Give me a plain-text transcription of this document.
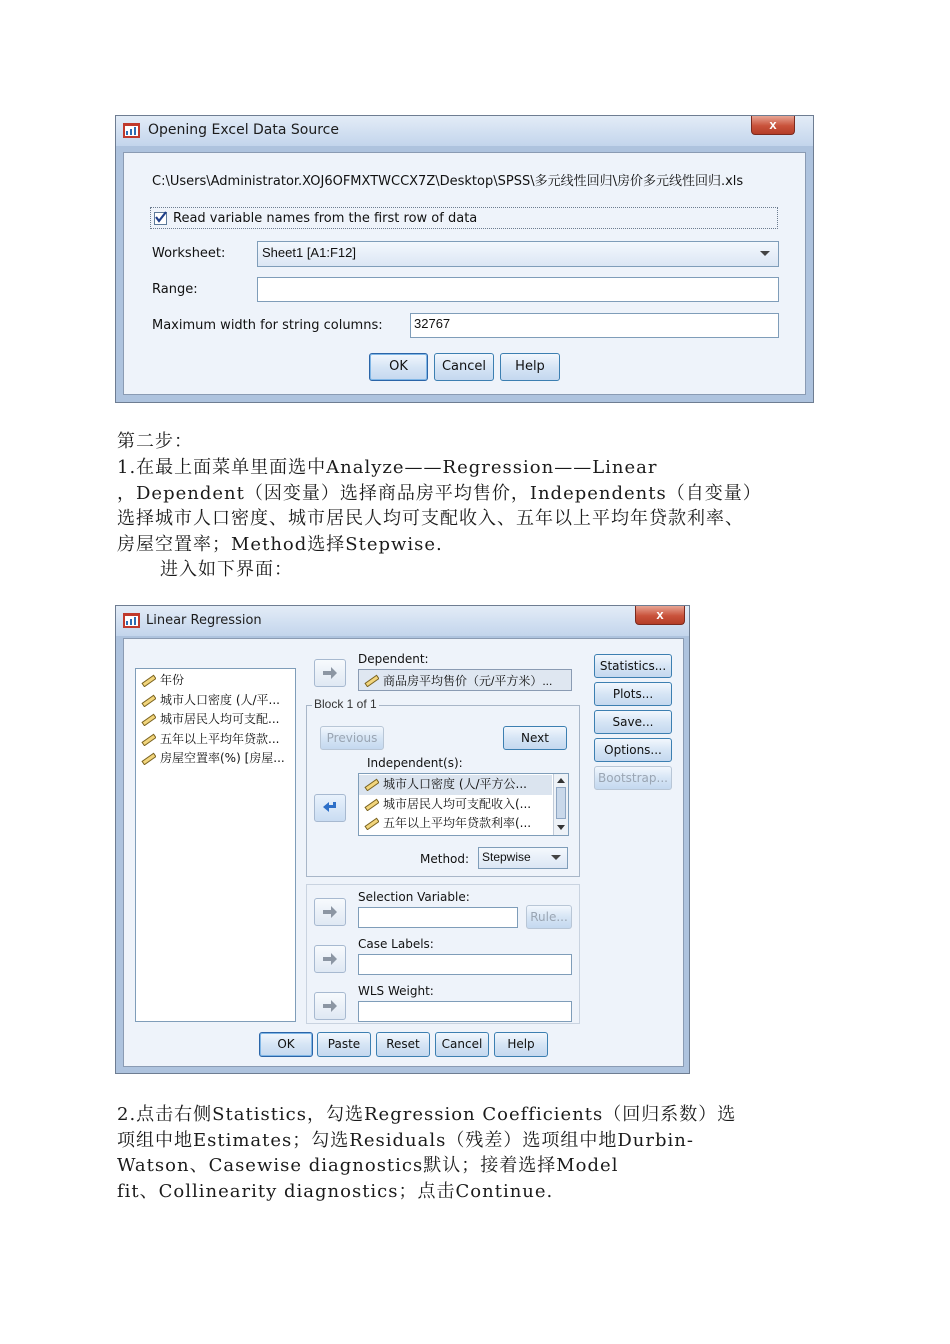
Opening Excel Data Source	x
C:\Users\Administrator.XOJ6OFMXTWCCX7Z\Desktop\SPSS\多元线性回归\房价多元线性回归.xls
Read variable names from the first row of data
Worksheet:	Sheet1 [A1:F12]
Range:
Maximum width for string columns:	32767
OK	Cancel	Help
第二步：
1.在最上面菜单里面选中Analyze——Regression——Linear
，Dependent（因变量）选择商品房平均售价，Independents（自变量）
选择城市人口密度、城市居民人均可支配收入、五年以上平均年贷款利率、
房屋空置率；Method选择Stepwise.
进入如下界面：
Linear Regression	x
年份
城市人口密度 (人/平...
城市居民人均可支配...
五年以上平均年贷款...
房屋空置率(%) [房屋...
Dependent:
商品房平均售价（元/平方米）...
Block 1 of 1
Previous	Next
Independent(s):
城市人口密度 (人/平方公...
城市居民人均可支配收入(...
五年以上平均年贷款利率(...
Method:	Stepwise
Selection Variable:
Rule...
Case Labels:
WLS Weight:
Statistics...
Plots...
Save...
Options...
Bootstrap...
OK	Paste	Reset	Cancel	Help
2.点击右侧Statistics，勾选Regression Coefficients（回归系数）选
项组中地Estimates；勾选Residuals（残差）选项组中地Durbin-
Watson、Casewise diagnostics默认；接着选择Model
fit、Collinearity diagnostics；点击Continue.
